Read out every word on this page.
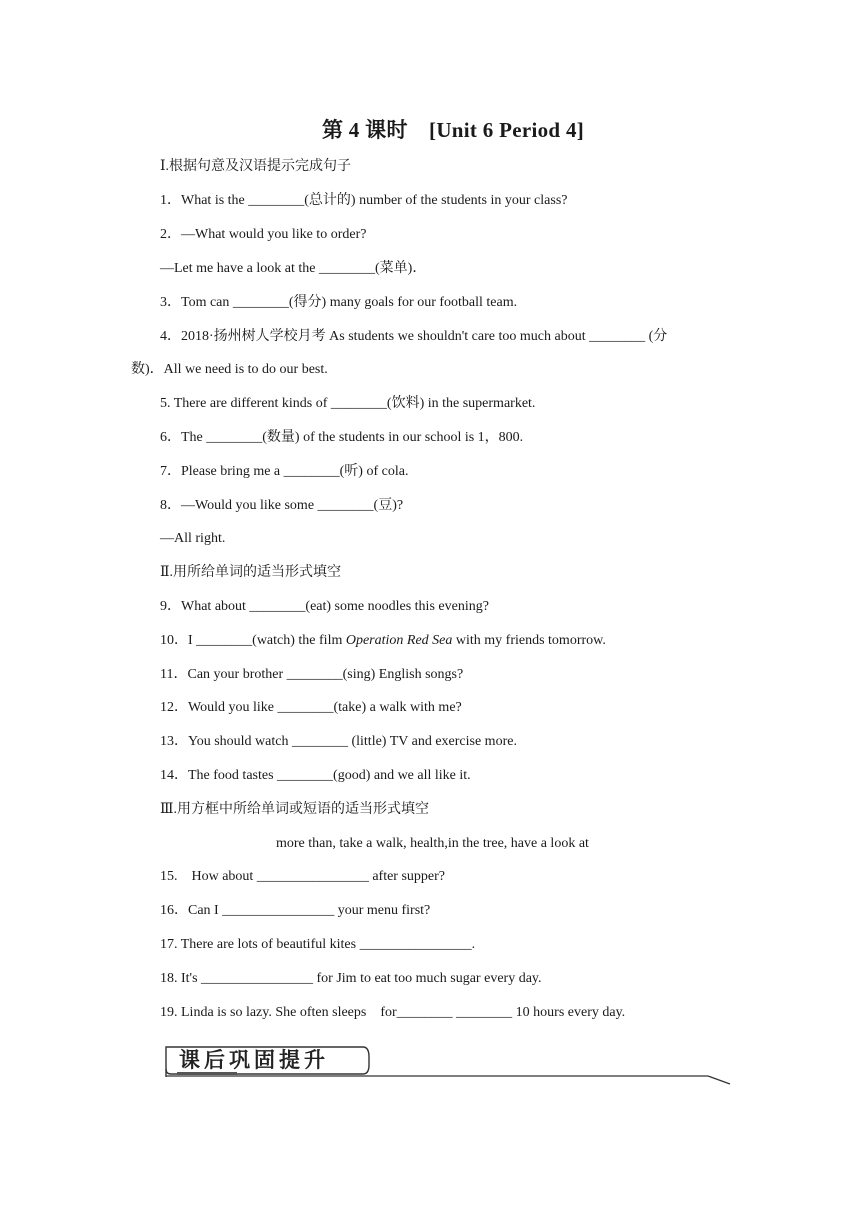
第 4 课时　[Unit 6 Period 4]
Ⅰ.根据句意及汉语提示完成句子
1．What is the ________(总计的) number of the students in your class?
2．—What would you like to order?
—Let me have a look at the ________(菜单)．
3．Tom can ________(得分) many goals for our football team.
4．2018·扬州树人学校月考 As students we shouldn't care too much about ________ (分
数)．All we need is to do our best.
5. There are different kinds of ________(饮料) in the supermarket.
6．The ________(数量) of the students in our school is 1，800.
7．Please bring me a ________(听) of cola.
8．—Would you like some ________(豆)?
—All right.
Ⅱ.用所给单词的适当形式填空
9．What about ________(eat) some noodles this evening?
10．I ________(watch) the film Operation Red Sea with my friends tomorrow.
11．Can your brother ________(sing) English songs?
12．Would you like ________(take) a walk with me?
13．You should watch ________ (little) TV and exercise more.
14．The food tastes ________(good) and we all like it.
Ⅲ.用方框中所给单词或短语的适当形式填空
more than, take a walk, health,in the tree, have a look at
15.　How about ________________ after supper?
16．Can I ________________ your menu first?
17. There are lots of beautiful kites ________________.
18. It's ________________ for Jim to eat too much sugar every day.
19. Linda is so lazy. She often sleeps　for________ ________ 10 hours every day.
课后巩固提升
